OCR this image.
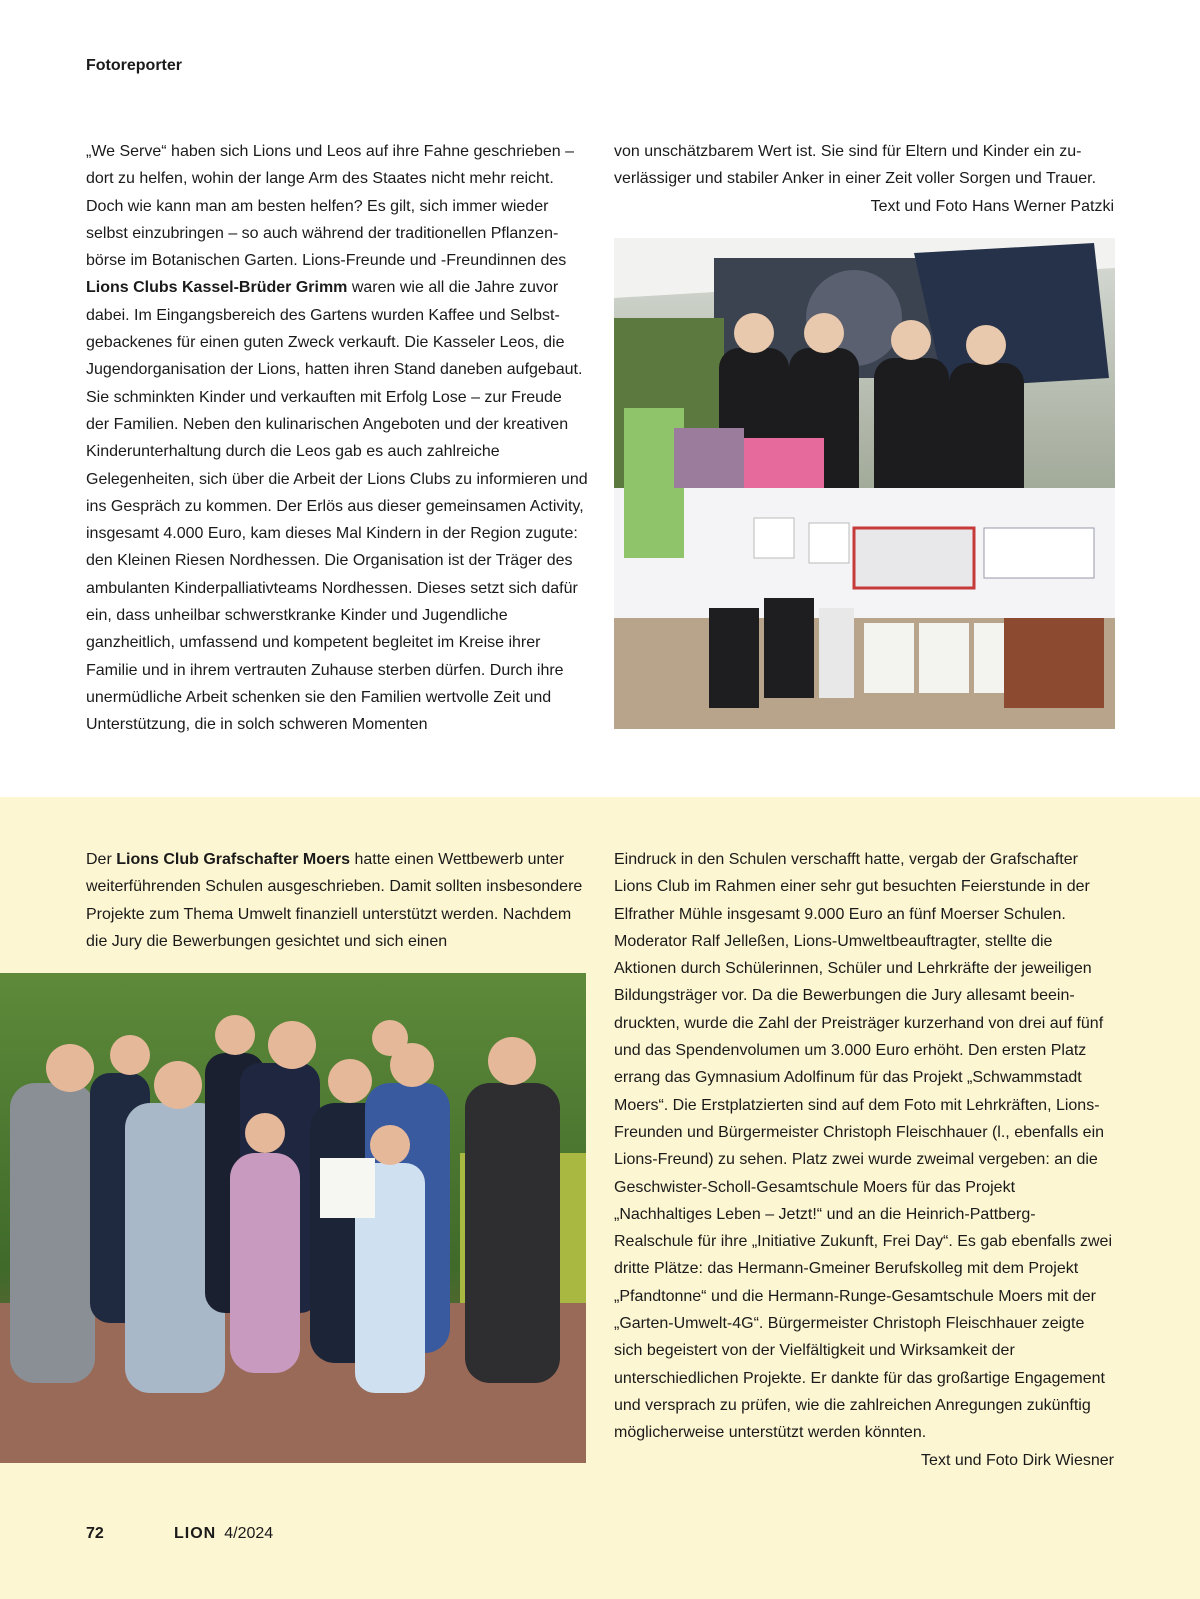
Fotoreporter

„We Serve“ haben sich Lions und Leos auf ihre Fahne geschrieben – dort zu helfen, wohin der lange Arm des Staates nicht mehr reicht. Doch wie kann man am besten helfen? Es gilt, sich immer wieder selbst einzubringen – so auch während der traditionellen Pflanzenbörse im Botanischen Garten. Lions-Freunde und -Freundinnen des Lions Clubs Kassel-Brüder Grimm waren wie all die Jahre zuvor dabei. Im Eingangsbereich des Gartens wurden Kaffee und Selbstgebackenes für einen guten Zweck verkauft. Die Kasseler Leos, die Jugendorganisation der Lions, hatten ihren Stand daneben aufgebaut. Sie schminkten Kinder und verkauften mit Erfolg Lose – zur Freude der Familien. Neben den kulinarischen Angeboten und der kreativen Kinderunterhaltung durch die Leos gab es auch zahlreiche Gelegenheiten, sich über die Arbeit der Lions Clubs zu informieren und ins Gespräch zu kommen. Der Erlös aus dieser gemeinsamen Activity, insgesamt 4.000 Euro, kam dieses Mal Kindern in der Region zugute: den Kleinen Riesen Nordhessen. Die Organisation ist der Träger des ambulanten Kinderpalliativteams Nordhessen. Dieses setzt sich dafür ein, dass unheilbar schwerstkranke Kinder und Jugendliche ganzheitlich, umfassend und kompetent begleitet im Kreise ihrer Familie und in ihrem vertrauten Zuhause sterben dürfen. Durch ihre unermüdliche Arbeit schenken sie den Familien wertvolle Zeit und Unterstützung, die in solch schweren Momenten

von unschätzbarem Wert ist. Sie sind für Eltern und Kinder ein zuverlässiger und stabiler Anker in einer Zeit voller Sorgen und Trauer.

Text und Foto Hans Werner Patzki

Der Lions Club Grafschafter Moers hatte einen Wettbewerb unter weiterführenden Schulen ausgeschrieben. Damit sollten insbesondere Projekte zum Thema Umwelt finanziell unterstützt werden. Nachdem die Jury die Bewerbungen gesichtet und sich einen

Eindruck in den Schulen verschafft hatte, vergab der Grafschafter Lions Club im Rahmen einer sehr gut besuchten Feierstunde in der Elfrather Mühle insgesamt 9.000 Euro an fünf Moerser Schulen. Moderator Ralf Jelleßen, Lions-Umweltbeauftragter, stellte die Aktionen durch Schülerinnen, Schüler und Lehrkräfte der jeweiligen Bildungsträger vor. Da die Bewerbungen die Jury allesamt beeindruckten, wurde die Zahl der Preisträger kurzerhand von drei auf fünf und das Spendenvolumen um 3.000 Euro erhöht. Den ersten Platz errang das Gymnasium Adolfinum für das Projekt „Schwammstadt Moers“. Die Erstplatzierten sind auf dem Foto mit Lehrkräften, Lions-Freunden und Bürgermeister Christoph Fleischhauer (l., ebenfalls ein Lions-Freund) zu sehen. Platz zwei wurde zweimal vergeben: an die Geschwister-Scholl-Gesamtschule Moers für das Projekt „Nachhaltiges Leben – Jetzt!“ und an die Heinrich-Pattberg-Realschule für ihre „Initiative Zukunft, Frei Day“. Es gab ebenfalls zwei dritte Plätze: das Hermann-Gmeiner Berufskolleg mit dem Projekt „Pfandtonne“ und die Hermann-Runge-Gesamtschule Moers mit der „Garten-Umwelt-4G“. Bürgermeister Christoph Fleischhauer zeigte sich begeistert von der Vielfältigkeit und Wirksamkeit der unterschiedlichen Projekte. Er dankte für das großartige Engagement und versprach zu prüfen, wie die zahlreichen Anregungen zukünftig möglicherweise unterstützt werden könnten.

Text und Foto Dirk Wiesner

72	LION 4/2024
